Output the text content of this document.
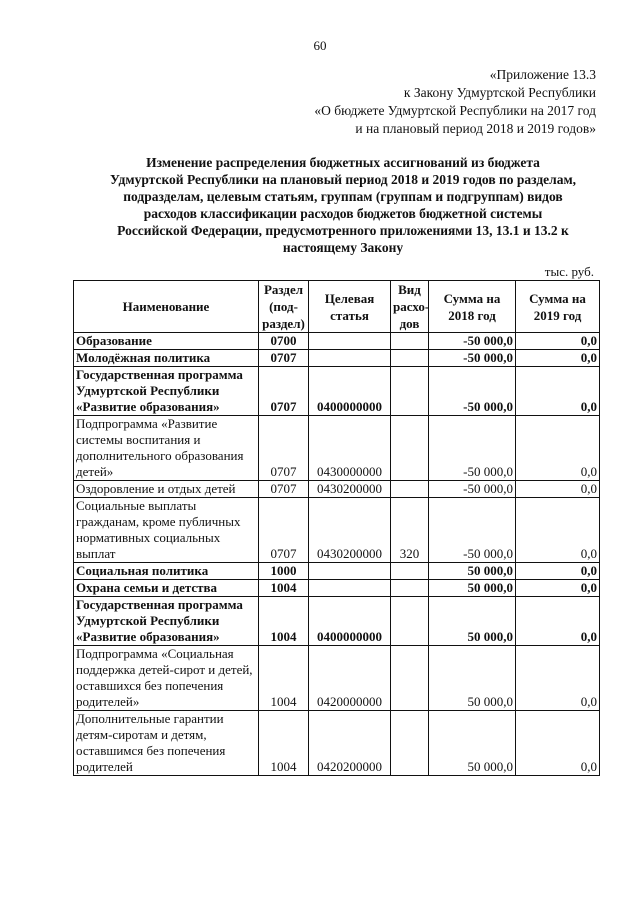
60
«Приложение 13.3
к Закону Удмуртской Республики
«О бюджете Удмуртской Республики на 2017 год
и на плановый период 2018 и 2019 годов»
Изменение распределения бюджетных ассигнований из бюджета Удмуртской Республики на плановый период 2018 и 2019 годов по разделам, подразделам, целевым статьям, группам (группам и подгруппам) видов расходов классификации расходов бюджетов бюджетной системы Российской Федерации, предусмотренного приложениями 13, 13.1 и 13.2 к настоящему Закону
тыс. руб.
Наименование	Раздел (под-раздел)	Целевая статья	Вид расхо-дов	Сумма на 2018 год	Сумма на 2019 год
Образование	0700			-50 000,0	0,0
Молодёжная политика	0707			-50 000,0	0,0
Государственная программа Удмуртской Республики «Развитие образования»	0707	0400000000		-50 000,0	0,0
Подпрограмма «Развитие системы воспитания и дополнительного образования детей»	0707	0430000000		-50 000,0	0,0
Оздоровление и отдых детей	0707	0430200000		-50 000,0	0,0
Социальные выплаты гражданам, кроме публичных нормативных социальных выплат	0707	0430200000	320	-50 000,0	0,0
Социальная политика	1000			50 000,0	0,0
Охрана семьи и детства	1004			50 000,0	0,0
Государственная программа Удмуртской Республики «Развитие образования»	1004	0400000000		50 000,0	0,0
Подпрограмма «Социальная поддержка детей-сирот и детей, оставшихся без попечения родителей»	1004	0420000000		50 000,0	0,0
Дополнительные гарантии детям-сиротам и детям, оставшимся без попечения родителей	1004	0420200000		50 000,0	0,0
